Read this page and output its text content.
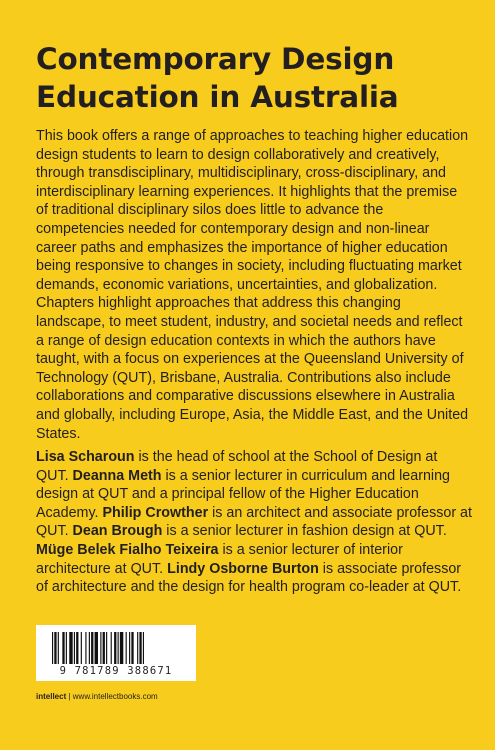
Contemporary Design
Education in Australia

This book offers a range of approaches to teaching higher education design students to learn to design collaboratively and creatively, through transdisciplinary, multidisciplinary, cross-disciplinary, and interdisciplinary learning experiences. It highlights that the premise of traditional disciplinary silos does little to advance the competencies needed for contemporary design and non-linear career paths and emphasizes the importance of higher education being responsive to changes in society, including fluctuating market demands, economic variations, uncertainties, and globalization. Chapters highlight approaches that address this changing landscape, to meet student, industry, and societal needs and reflect a range of design education contexts in which the authors have taught, with a focus on experiences at the Queensland University of Technology (QUT), Brisbane, Australia. Contributions also include collaborations and comparative discussions elsewhere in Australia and globally, including Europe, Asia, the Middle East, and the United States.

Lisa Scharoun is the head of school at the School of Design at QUT. Deanna Meth is a senior lecturer in curriculum and learning design at QUT and a principal fellow of the Higher Education Academy. Philip Crowther is an architect and associate professor at QUT. Dean Brough is a senior lecturer in fashion design at QUT. Müge Belek Fialho Teixeira is a senior lecturer of interior architecture at QUT. Lindy Osborne Burton is associate professor of architecture and the design for health program co-leader at QUT.

9 781789 388671
intellect | www.intellectbooks.com
